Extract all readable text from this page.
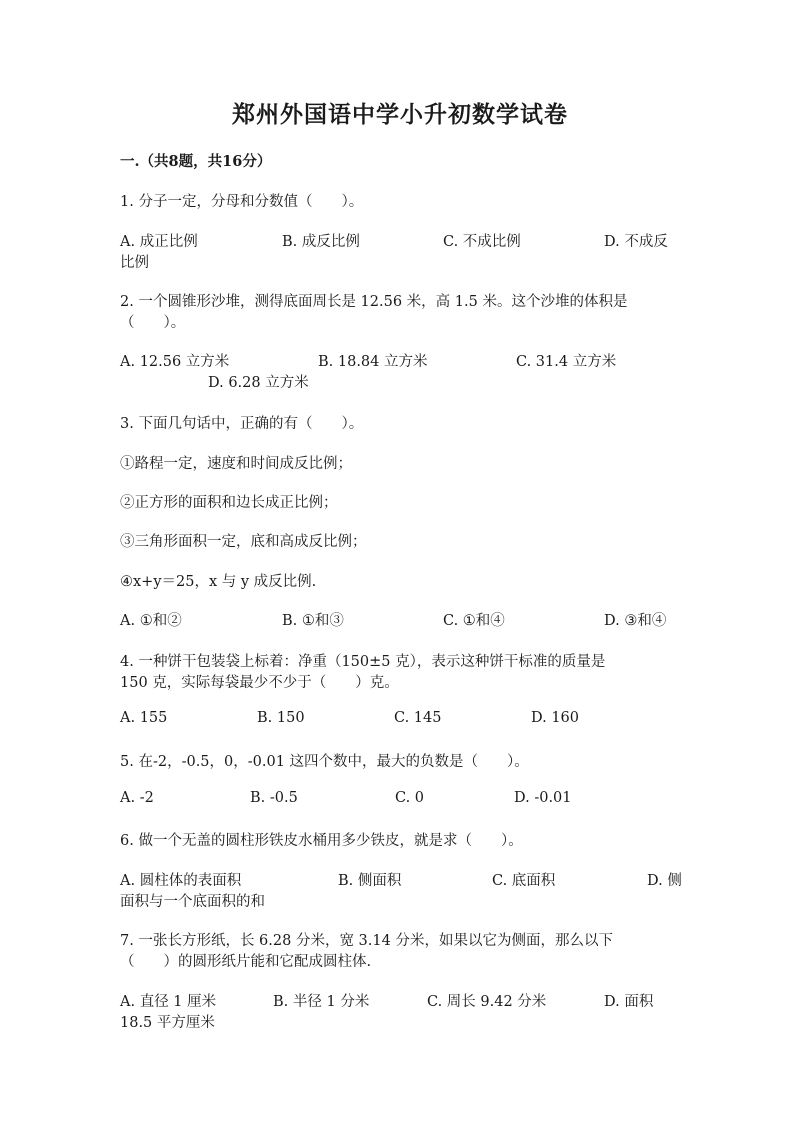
郑州外国语中学小升初数学试卷
一.（共8题，共16分）
1. 分子一定，分母和分数值（　　）。
A. 成正比例	B. 成反比例	C. 不成比例	D. 不成反
比例
2. 一个圆锥形沙堆，测得底面周长是 12.56 米，高 1.5 米。这个沙堆的体积是
（　　）。
A. 12.56 立方米	B. 18.84 立方米	C. 31.4 立方米
D. 6.28 立方米
3. 下面几句话中，正确的有（　　）。
①路程一定，速度和时间成反比例；
②正方形的面积和边长成正比例；
③三角形面积一定，底和高成反比例；
④x+y＝25，x 与 y 成反比例.
A. ①和②	B. ①和③	C. ①和④	D. ③和④
4. 一种饼干包装袋上标着：净重（150±5 克），表示这种饼干标准的质量是
150 克，实际每袋最少不少于（　　）克。
A. 155	B. 150	C. 145	D. 160
5. 在-2，-0.5，0，-0.01 这四个数中，最大的负数是（　　）。
A. -2	B. -0.5	C. 0	D. -0.01
6. 做一个无盖的圆柱形铁皮水桶用多少铁皮，就是求（　　）。
A. 圆柱体的表面积	B. 侧面积	C. 底面积	D. 侧
面积与一个底面积的和
7. 一张长方形纸，长 6.28 分米，宽 3.14 分米，如果以它为侧面，那么以下
（　　）的圆形纸片能和它配成圆柱体.
A. 直径 1 厘米	B. 半径 1 分米	C. 周长 9.42 分米	D. 面积
18.5 平方厘米
